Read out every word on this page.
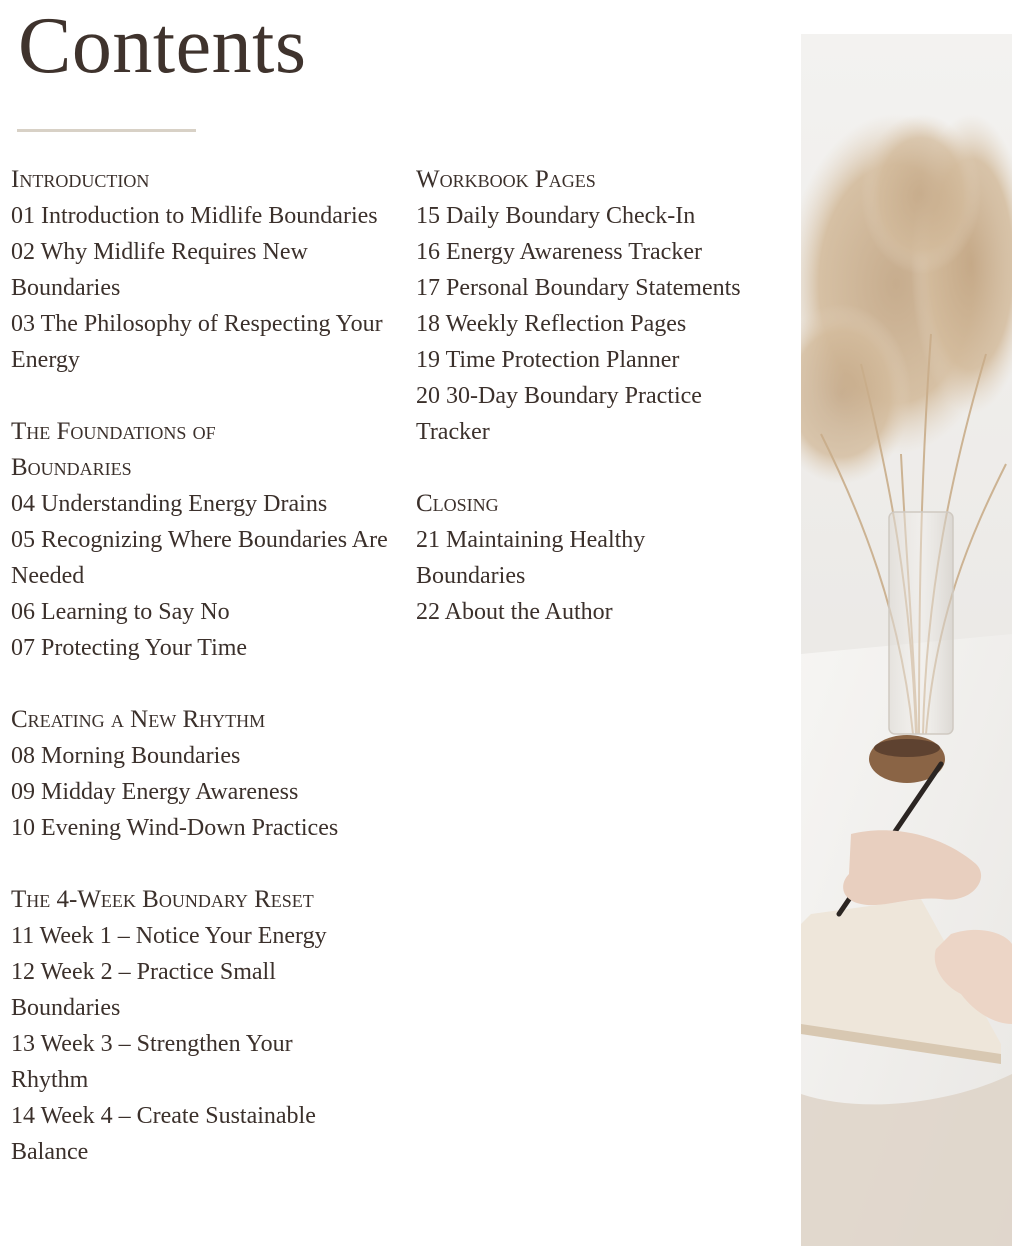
Contents
Introduction
01 Introduction to Midlife Boundaries
02 Why Midlife Requires New Boundaries
03 The Philosophy of Respecting Your Energy
The Foundations of Boundaries
04 Understanding Energy Drains
05 Recognizing Where Boundaries Are Needed
06 Learning to Say No
07 Protecting Your Time
Creating a New Rhythm
08 Morning Boundaries
09 Midday Energy Awareness
10 Evening Wind-Down Practices
The 4-Week Boundary Reset
11 Week 1 – Notice Your Energy
12 Week 2 – Practice Small Boundaries
13 Week 3 – Strengthen Your Rhythm
14 Week 4 – Create Sustainable Balance
Workbook Pages
15 Daily Boundary Check-In
16 Energy Awareness Tracker
17 Personal Boundary Statements
18 Weekly Reflection Pages
19 Time Protection Planner
20 30-Day Boundary Practice Tracker
Closing
21 Maintaining Healthy Boundaries
22 About the Author
